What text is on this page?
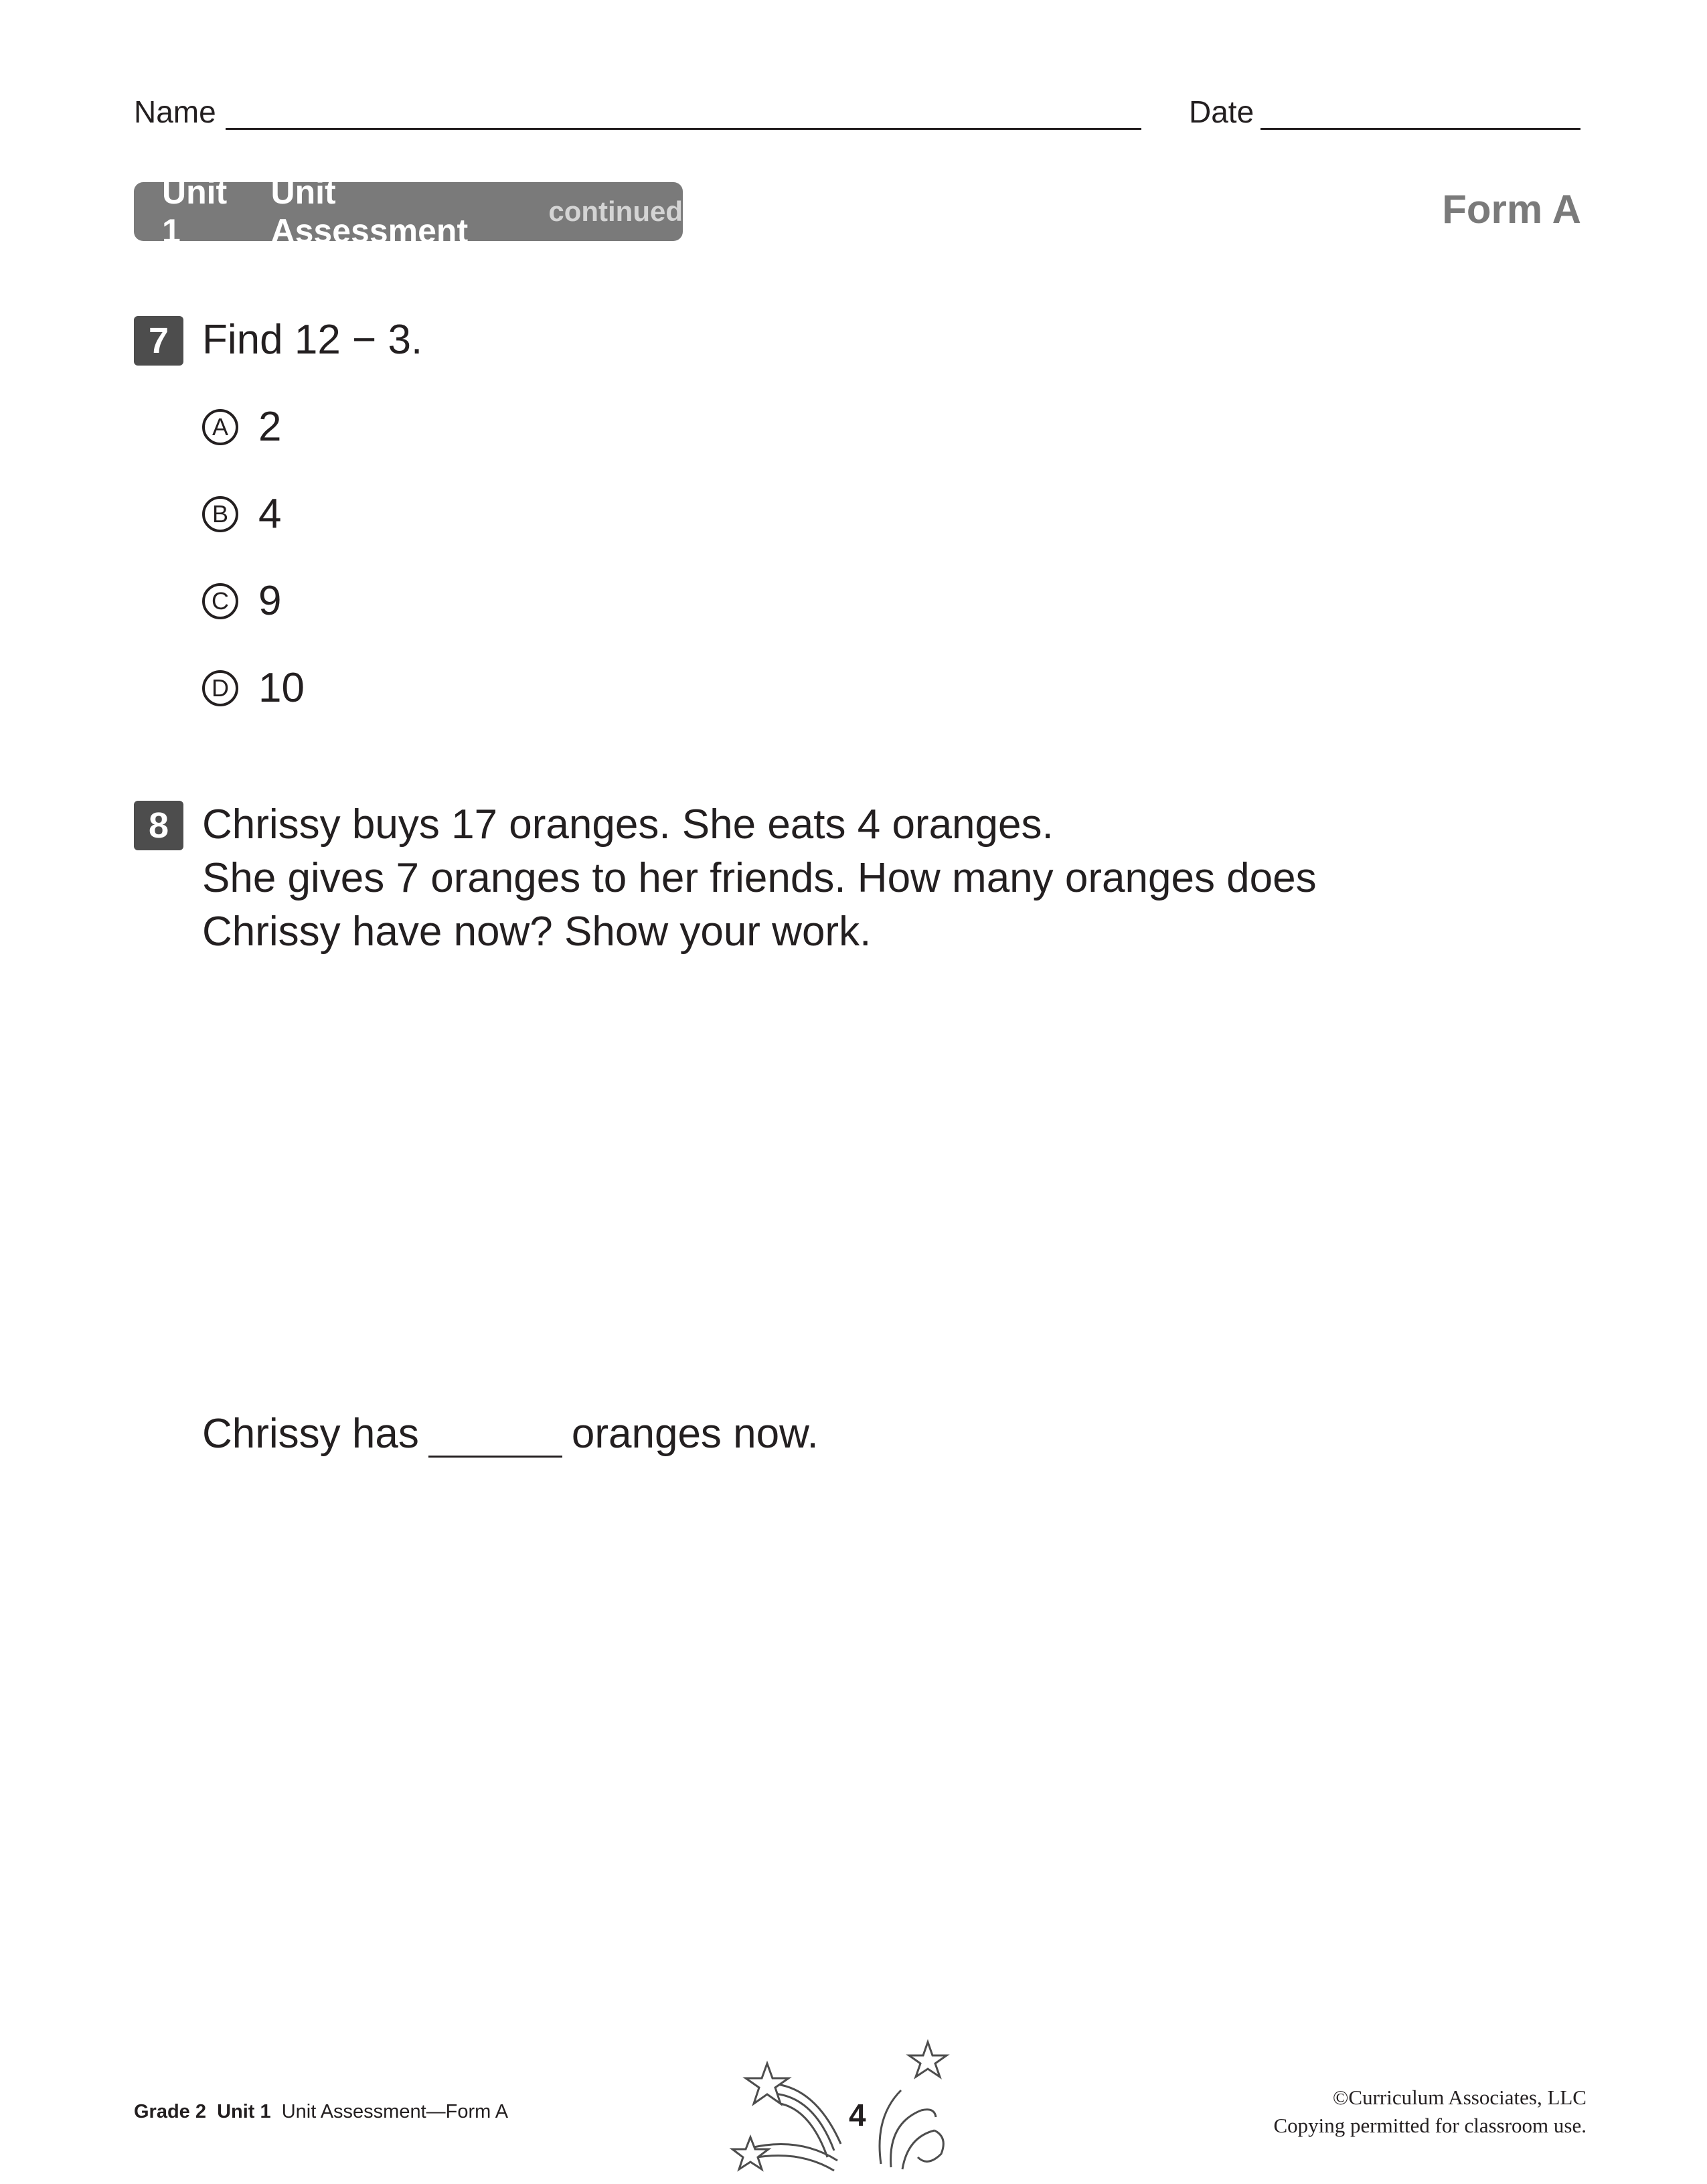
Name	Date
Unit 1
Unit Assessment
continued	Form A
7 Find 12 − 3.
A 2
B 4
C 9
D 10
8 Chrissy buys 17 oranges. She eats 4 oranges.
She gives 7 oranges to her friends. How many oranges does
Chrissy have now? Show your work.
Chrissy has	oranges now.
Grade 2 Unit 1 Unit Assessment—Form A	4
©Curriculum Associates, LLC
Copying permitted for classroom use.
